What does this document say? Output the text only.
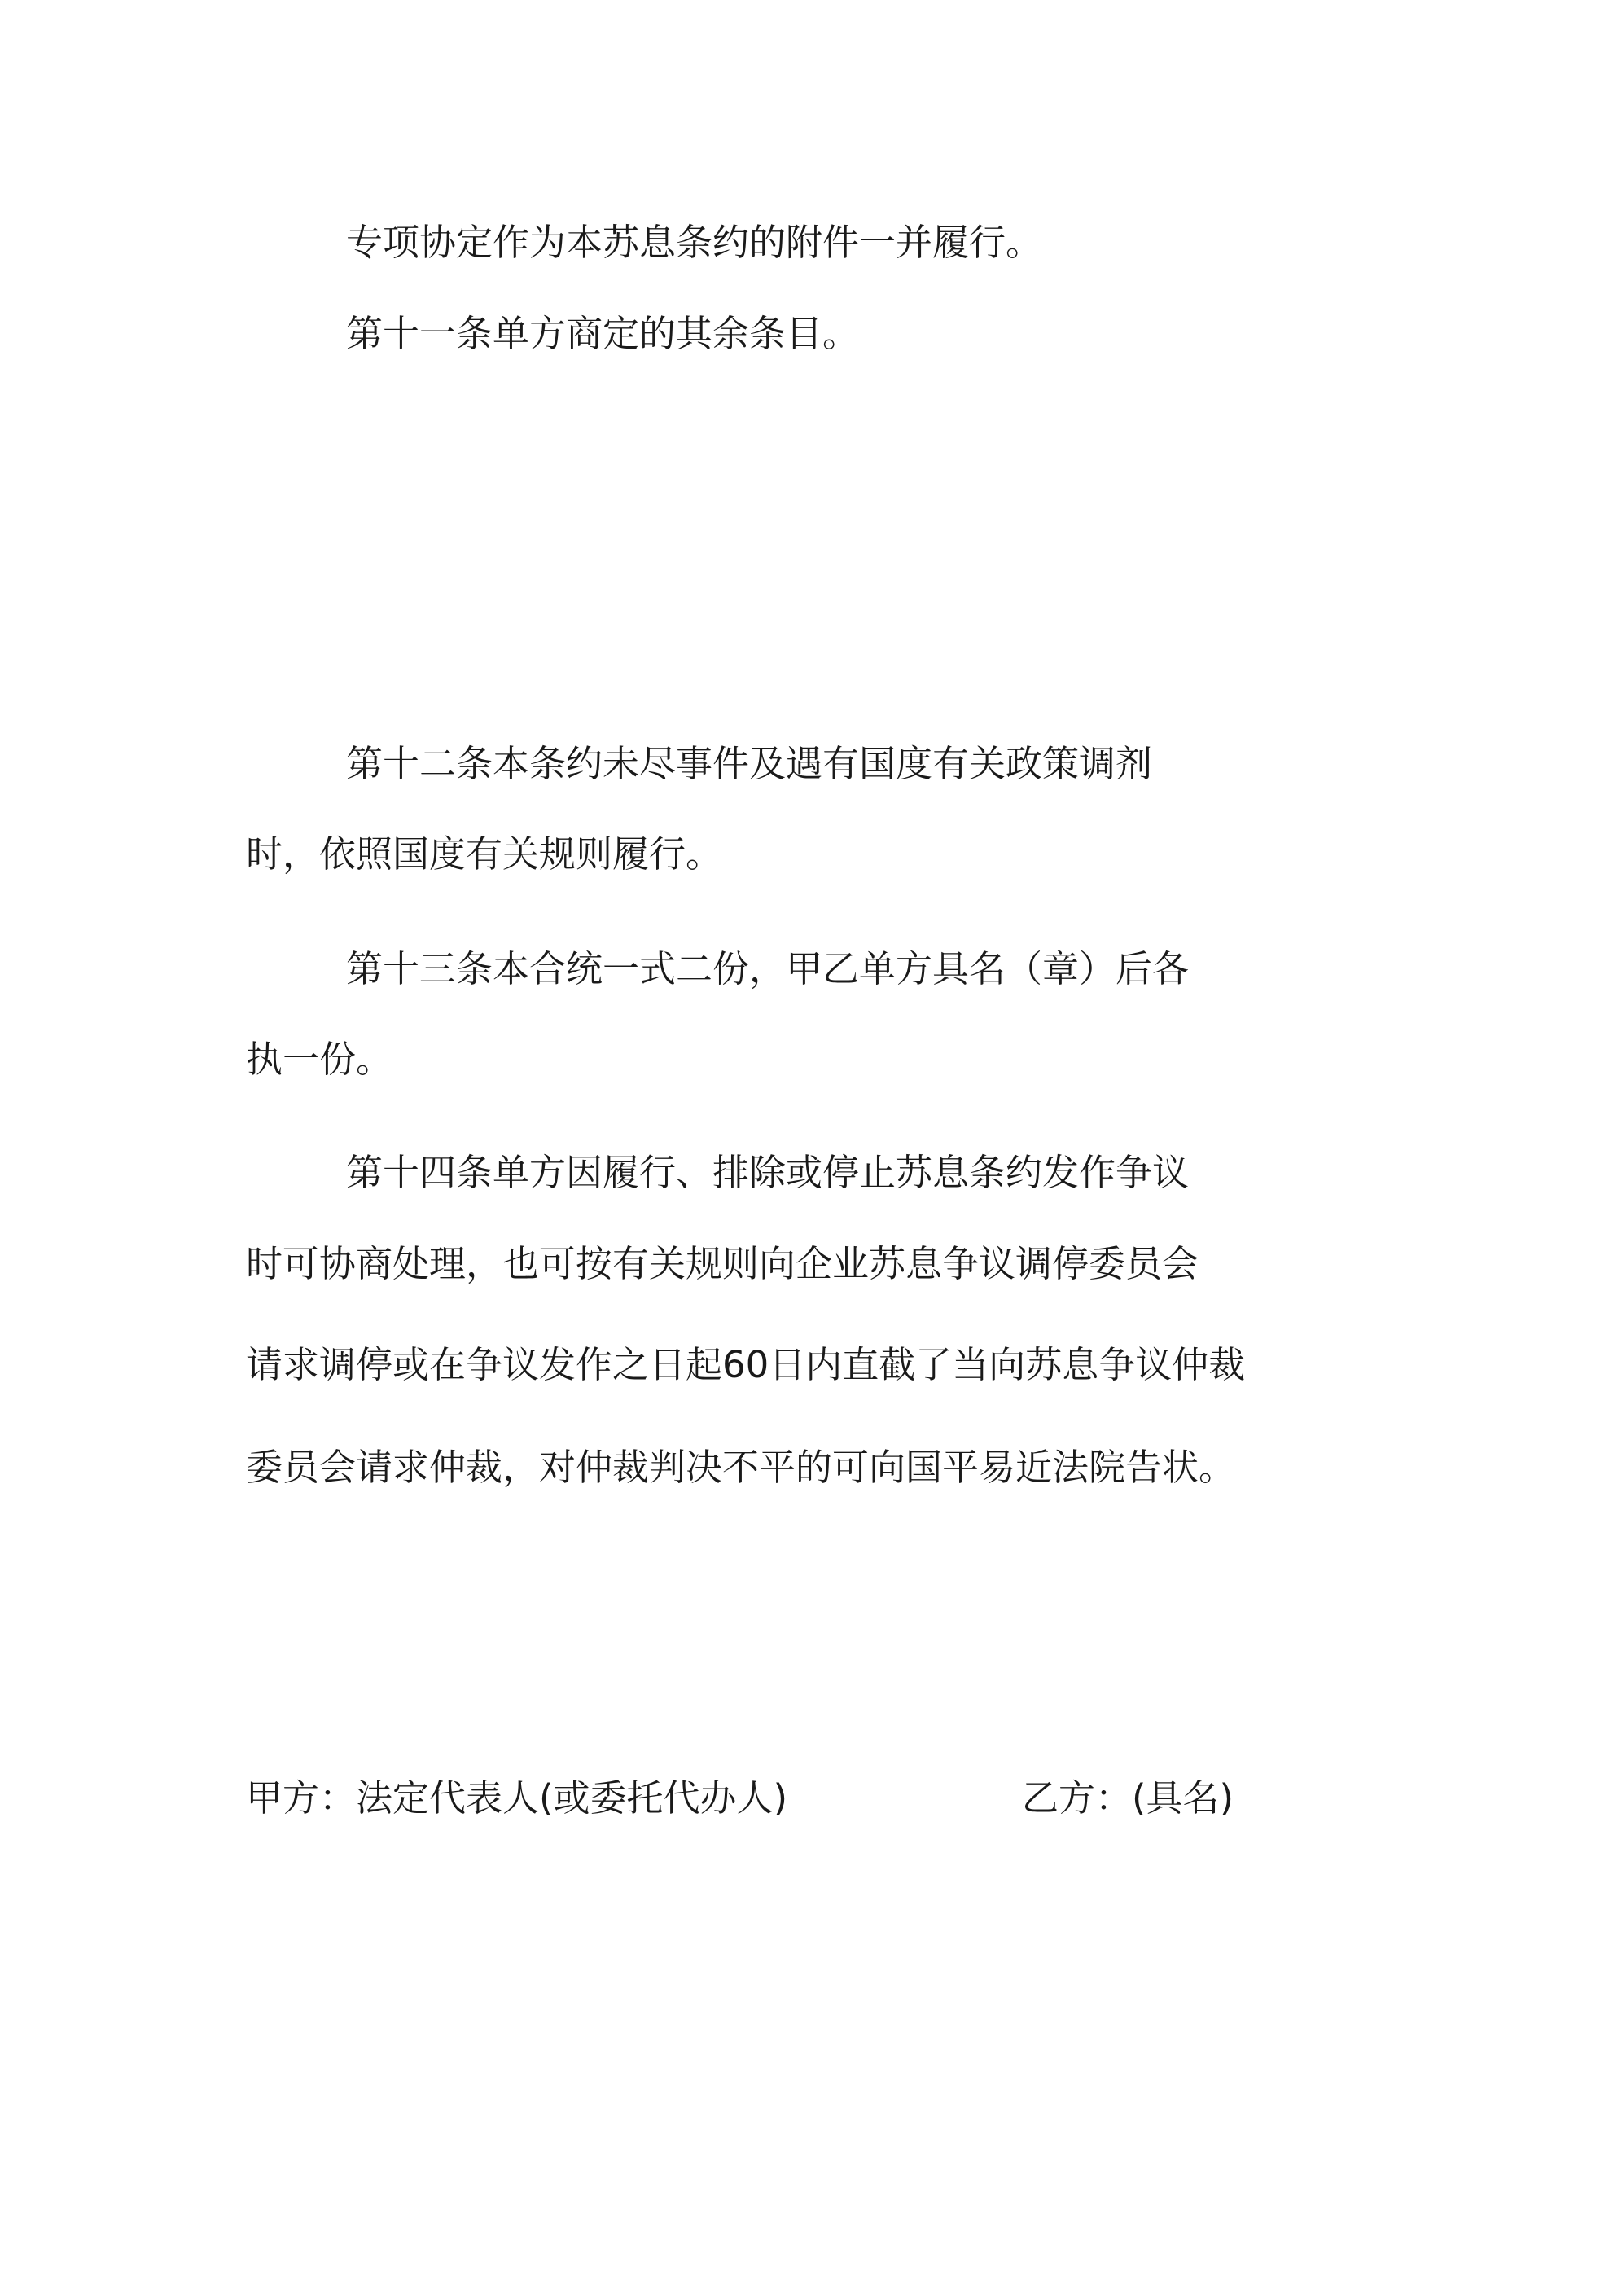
专项协定作为本苏息条约的附件一并履行。

第十一条单方商定的其余条目。

第十二条本条约未尽事件及遇有国度有关政策调剂

时，依照国度有关规则履行。

第十三条本合统一式二份，甲乙单方具名（章）后各

执一份。

第十四条单方因履行、排除或停止苏息条约发作争议

时可协商处理，也可按有关规则向企业苏息争议调停委员会

请求调停或在争议发作之日起60日内直截了当向苏息争议仲裁

委员会请求仲裁，对仲裁判决不平的可向国平易近法院告状。

甲方：法定代表人(或委托代办人)	乙方：(具名)
